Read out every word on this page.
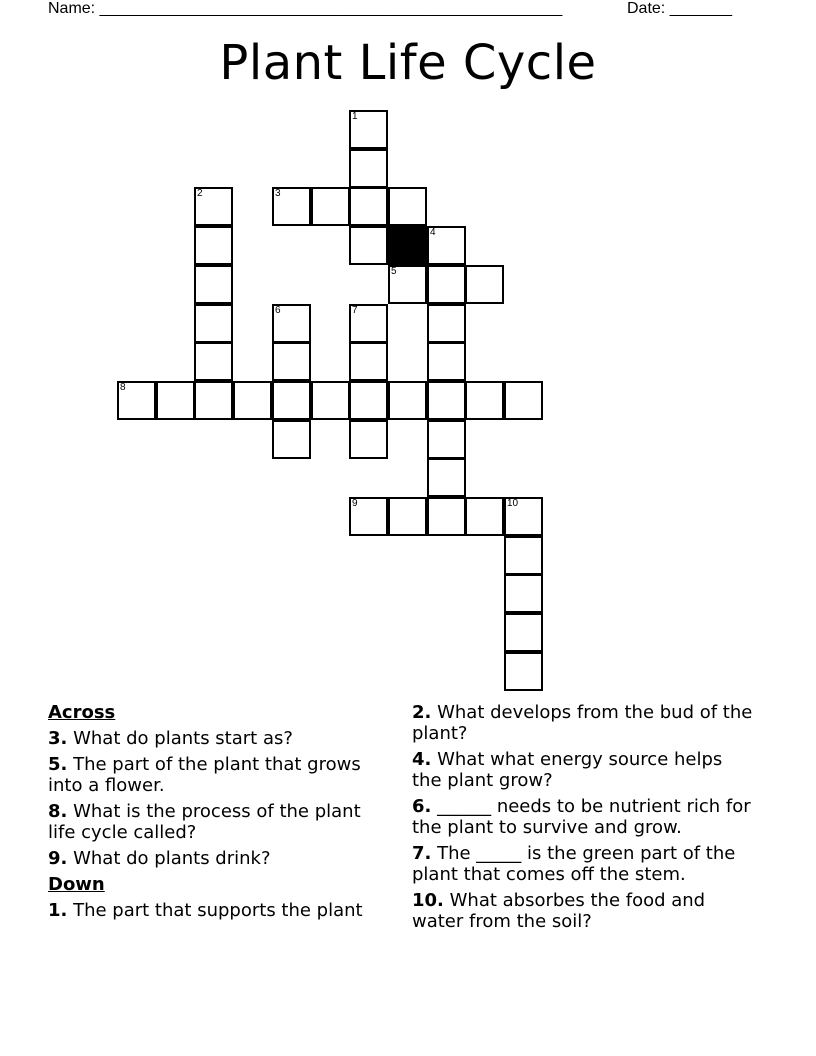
Name: ____________________________________________________	Date: _______
Plant Life Cycle
3
5
8
9	10
1
2
4
6	7
Across
3. What do plants start as?
5. The part of the plant that grows into a flower.
8. What is the process of the plant life cycle called?
9. What do plants drink?
Down
1. The part that supports the plant
2. What develops from the bud of the plant?
4. What what energy source helps the plant grow?
6. ______ needs to be nutrient rich for the plant to survive and grow.
7. The _____ is the green part of the plant that comes off the stem.
10. What absorbes the food and water from the soil?
